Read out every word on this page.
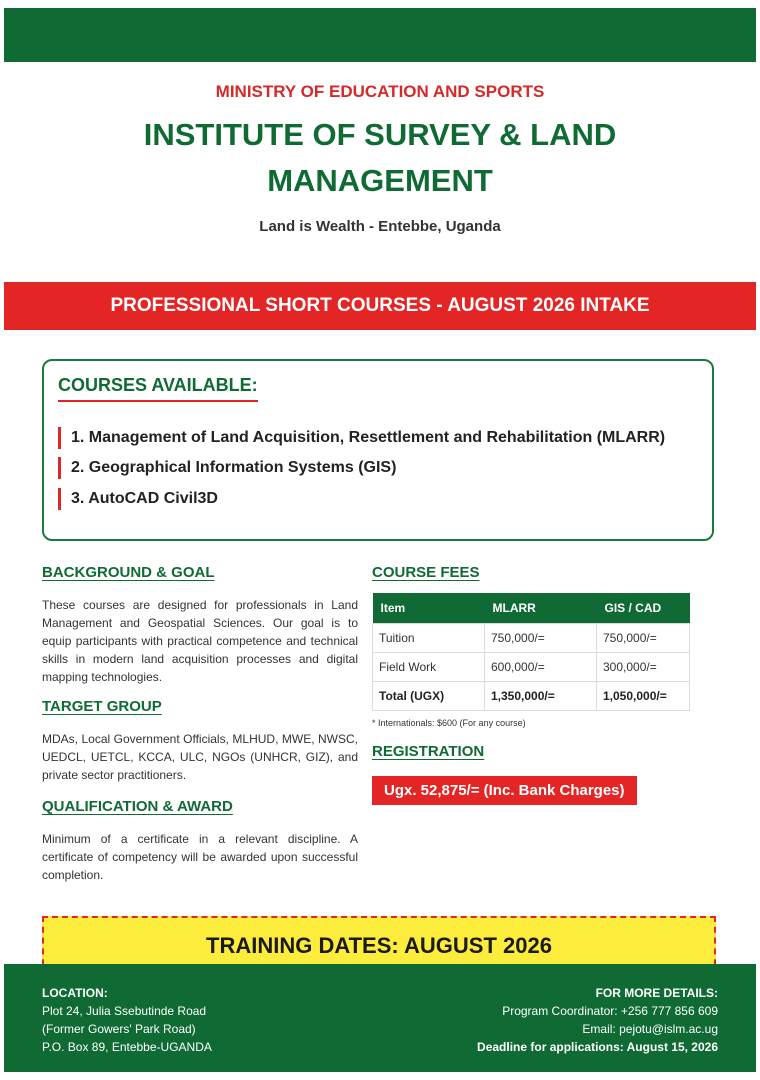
MINISTRY OF EDUCATION AND SPORTS
INSTITUTE OF SURVEY & LAND
MANAGEMENT
Land is Wealth - Entebbe, Uganda
PROFESSIONAL SHORT COURSES - AUGUST 2026 INTAKE
COURSES AVAILABLE:
1. Management of Land Acquisition, Resettlement and Rehabilitation (MLARR)
2. Geographical Information Systems (GIS)
3. AutoCAD Civil3D
BACKGROUND & GOAL
These courses are designed for professionals in Land Management and Geospatial Sciences. Our goal is to equip participants with practical competence and technical skills in modern land acquisition processes and digital mapping technologies.
TARGET GROUP
MDAs, Local Government Officials, MLHUD, MWE, NWSC, UEDCL, UETCL, KCCA, ULC, NGOs (UNHCR, GIZ), and private sector practitioners.
QUALIFICATION & AWARD
Minimum of a certificate in a relevant discipline. A certificate of competency will be awarded upon successful completion.
COURSE FEES
Item	MLARR	GIS / CAD
Tuition	750,000/=	750,000/=
Field Work	600,000/=	300,000/=
Total (UGX)	1,350,000/=	1,050,000/=
* Internationals: $600 (For any course)
REGISTRATION
Ugx. 52,875/= (Inc. Bank Charges)
TRAINING DATES: AUGUST 2026
LOCATION:
Plot 24, Julia Ssebutinde Road
(Former Gowers' Park Road)
P.O. Box 89, Entebbe-UGANDA
FOR MORE DETAILS:
Program Coordinator: +256 777 856 609
Email: pejotu@islm.ac.ug
Deadline for applications: August 15, 2026
